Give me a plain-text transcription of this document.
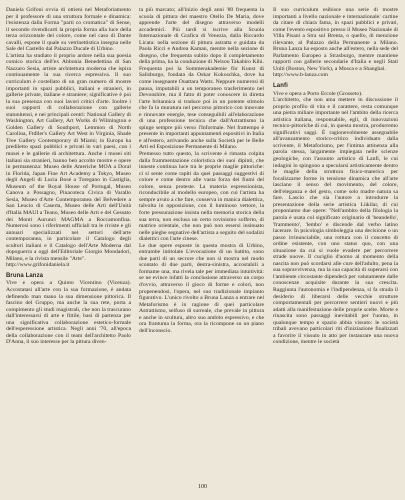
Daniela Grifoni ovvia di ottieni nel Metaforiamento per il professore di una struttura formale e dinamica: l'esistenza dalla Forma "parti co cromatica" di Sense, il secondo rivendicarti la propria forma alla luce della terza orizzontale del colore, come nel caso di Dante cavalli, espone il quale su vetrinettistica insegna nelle Sale del Castello dal Palazzo Ducale di Urbino.

L'artista ha studiato il proprio ardore nella sua poesia comico storica dell'ex Abbonia Benedettina di San Nazzaro Sesia, artiste architettura moderna che ispira continuamente la sua ricerca espressiva. Il suo curriculum è costellato di un gran numero di mostre importanti in spazi pubblici, italiani e stranieri, in gallerie private, italiane e straniere; significative è poi la sua presenza con suoi lavori critici d'arte. Inoltre i suoi rapporti di collaborazione con gallerie statunitensi, e nei principali centri: National Gallery di Washington, Art Gallery, Art Works di Wilmington e Golden Gallery di Southport, Lemmon di North Carolina, Ftdller's Gallery Art West in Virginia, Shade Tree Gallery Contemporary di Miami; in Europa ha prediletto spazi pubblici e privati in vari paesi, con i musei e le gallerie di architettura. Anche i musei siti italiani sia stranieri, hanno ben accolto mostre e opere in permanenza: Museo delle Americhe MOA a Doral in Florida, Japan Fine Art Academy a Tokyo, Museo degli Angeli di Lucia Bosé a Turegano in Castiglia, Museum of the Royal House of Portugal, Museo Canova a Possagno, Pinacoteca Civica di Varallo Sesia, Museo d'Arte Contemporanea del Belvedere a San Leucio di Caserta, Museo delle Arti dell'Unità d'Italia MAUI a Teano, Museo delle Arti e del Gessato dei Monti Aurunci MAGMA a Roccamonfina. Numerosi sono i riferimenti ufficiali tra le riviste e gli annuari specializzati nei settori dell'arte contemporanea, in particolare il Catalogo degli scultori italiani e il Catalogo dell'Arte Moderna dal dopoguerra a oggi dell'Editoriale Giorgio Mondadori, Milano, e la rivista mensile "Arte".

http://www.grifonidaniela.it

Bruna Lanza

Vive e opera a Quinto Vicentino (Vicenza). Accostatasi all'arte con la sua formazione, è andata definendo man mano la sua dimensione pittorica. Il fascino del Gruppo, ma anche la sua rete, porta a compimento gli studi magistrali, che non la trascurano dall'interessarsi di arte e fittile, basi di partenza per una significativa collaborazione estetico-formale dell'esperessione artistica. Negli anni '70, all'epoca della collaborazione con il team dell'architetto Paolo D'Anna, il suo interesse per la pittura diven-

ta più marcato; all'inizio degli anni '80 frequenta la scuola di pittura del maestro Otello De Maria, dove apprende l'arte del disegno attraverso modelli accademici. Più tardi si iscrive alla Scuola Internazionale di Grafica di Venezia, dalla Riccardo Licata: nella sezione di pittura astratta e guidata da Paola Ricci e Andrea Kaman, mentre nella sezione di disegno, che frequenta subito dopo il completamento della prima, ha la conduzione di Nelson Takahiro Kihi. Frequenta poi la Sommerakademie für Kunst di Salisburgo, fondata da Oskar Kokoschka, dove ha come insegnante Ouattara Watts. Neppure numerosi di pausa, imputabili a un temporaneo trasferimento nel Devonshire, ma il fatto di poter conoscere in diretta l'arte britannica si traduce poi in un potente stimolo che fa la muratura nel percorso pittorico con innovate e rinnovate energie, tese conseguibili all'elaborazione di una professione tecnica che dall'Astrattismo la spinge sempre più verso l'Informale. Nel frattempo è presente in importanti appuntamenti espositivi in Italia e all'estero, arrivando anche sulla Società per le Belle Arti ed Esposizione Permanente di Milano.

Premesso tutto questo, la scrivente è rimasta colpita dalla frammentazione coloristica dei suoi dipinti, che inneste continua luce tra le proprie maglie pittoriche: ci si sente come rapiti da quei passaggi suggestivi di colore e come dentro alle vasta forza dei fiumi del colore, senza proteste. La materia espressionista, riconducibile al modello europeo, con cui l'artista ha sempre avuto a che fare, conserva in manica dialettica, talvolta in opposizione, con il luminoso vettore, la forte pressurazione insista nella memoria storica della sua terra, non esclusa un certo rovinismo sofferto, di matrice orientale, che non può non essersi insinuato nelle pieghe segnative dell'artista a seguito del sodalizi dialettici con l'arte cinese.

Le due opere esposte in questa mostra di Urbino, entrambe intitolate L'evocazione di un battito, sono due parti di un secrore che non si mostra nel modo scontato di due parti, destra-sinistra, accostabili a formame una, ma rivela tale per immediata intuitività: se ne evince infatti la conclusione attraverso un corpo d'ovvio, attraverso il gioco di forme e colori, non propenendosi, l'opera, nel suo tradizionale impianto figurativo. L'unico rivolto a Bruna Lanza a entrare nel Metaforismo è in ragione di quei particolare Astrattismo, seifuso di surreale, che prevale in pittura e anche in scultura, altro suo ambito espressivo, e che ora frantuma la forma, ora la ricompone su un piano dell'inconscio.

Il suo curriculum esibisce una serie di mostre importanti a livello nazionale e internazionale: cartine da citare di chiara fama, in spazi pubblici e privati, come l'evento espositivo presso il Museo Nazionale di Villa Pisani a Stra sul Brenta, o quello, di menzione rilevante, al Palazzo della Permanente a Milano. Bruna Lanza ha esposto anche all'estero, nella sede del Parlamento Europeo a Strasburgo, mentre mantiene rapporti con gallerie secondarie d'Italia e negli Stati Uniti (Boston, New York), a Mosca e a Shanghai.

http://www.b-lanza.com

Lanfi

Vive e opera a Porto Ercole (Grosseto).

L'architetto, che non ama mettere in discussione il proprio profilo di vita e il carattere, resta comunque una pietra miliare importante nel l'ambito della ricerca artistica italiana, responsabile, egli, di innovazioni tecnico-pittoriche di cui, in questa mostra, produrremo significativi saggi. È ragionevolmente assegnabile all'avanzamento storico-critico individuato dalla scrivente, il Metaforismo, per l'intima attinenza alla parola stessa, largamente impiegata nelle scienze geologiche, con l'assunto artistico di Lanfi, le cui indagini lo spingono a specularsi artisticamente dentro le maglie della struttura fisico-materica per focalizzarne forme in tensione dinamica che all'arte lasciano il senso del movimento, del colore, dell'eleganza e del gesto, come solo madre natura sa fare. Lascio che sia l'autore a introdurre la presentazione della serie artistica Lükilar, di cui proponiamo due opere: "Nell'ambito della filologia la parola è usata col significato originario di 'beandello', 'frammento', 'lembo' e discende dal verbo latino lacerare. In psicologia simboleggia una decisione o un passo irrinunciabile, una rottura con il concetto di ordine esistente, con uno status quo, con una situazione da cui si vuole evadere per percorrere strade nuove. Il cuciglio d'uomo al momento della nascita non può scordarsi alle cure dell'adulto, pena la sua sopravvivenza, ma la sua capacità di superarsi con l'ambiente circostante dipenderà per valutamente dalle conoscenze acquisite durante la sua crescita. Raggiunta l'autonomia e l'indipendenza, si fa strada il desiderio di liberarsi delle vecchie strutture comportamentali per percorrere sentieri nuovi e più adatti alla manifestazione delle proprie scelte. Morte e rinascita sono passaggi inevitabili per l'uomo, in qualunque tempo e spazio abbia vissuto: le società tribali avevano particolari riti d'iniziazione finalizzati a favorire il vissuto in atto per instaurare una nuova condizione, mentre le società

100
